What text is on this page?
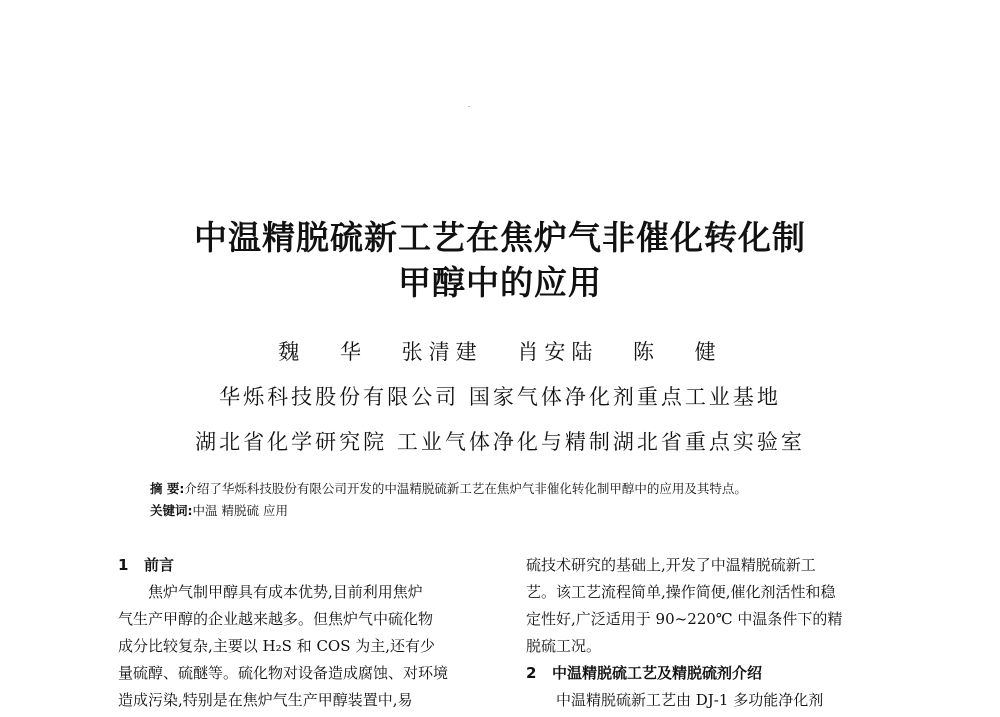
中温精脱硫新工艺在焦炉气非催化转化制
甲醇中的应用
魏 华 张清建 肖安陆 陈 健
华烁科技股份有限公司 国家气体净化剂重点工业基地
湖北省化学研究院 工业气体净化与精制湖北省重点实验室
摘 要:介绍了华烁科技股份有限公司开发的中温精脱硫新工艺在焦炉气非催化转化制甲醇中的应用及其特点。
关键词:中温 精脱硫 应用
1 前言
焦炉气制甲醇具有成本优势,目前利用焦炉
气生产甲醇的企业越来越多。但焦炉气中硫化物
成分比较复杂,主要以 H₂S 和 COS 为主,还有少
量硫醇、硫醚等。硫化物对设备造成腐蚀、对环境
造成污染,特别是在焦炉气生产甲醇装置中,易
硫技术研究的基础上,开发了中温精脱硫新工
艺。该工艺流程简单,操作简便,催化剂活性和稳
定性好,广泛适用于 90~220℃ 中温条件下的精
脱硫工况。
2 中温精脱硫工艺及精脱硫剂介绍
中温精脱硫新工艺由 DJ-1 多功能净化剂
